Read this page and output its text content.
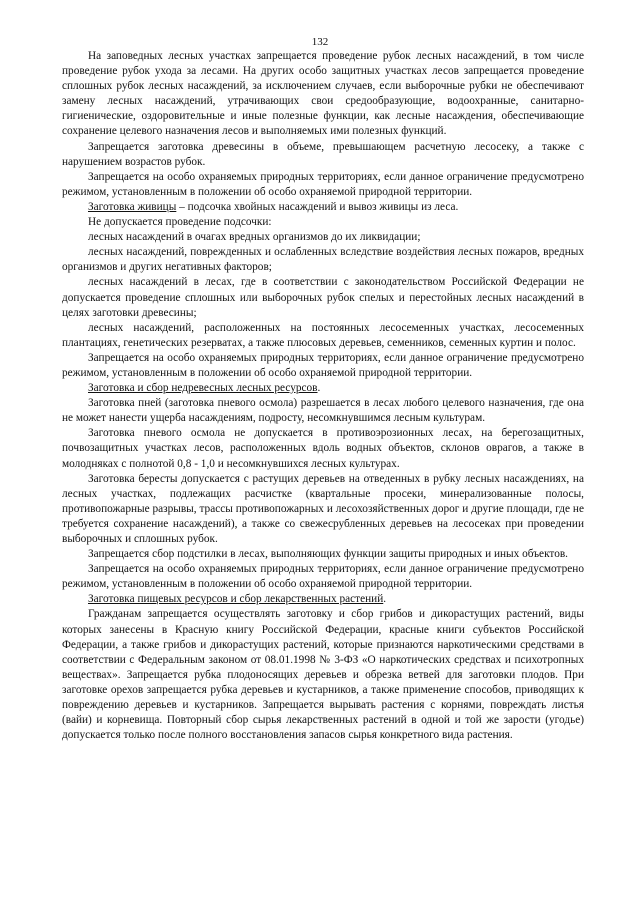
132

На заповедных лесных участках запрещается проведение рубок лесных насаждений, в том числе проведение рубок ухода за лесами. На других особо защитных участках лесов запрещается проведение сплошных рубок лесных насаждений, за исключением случаев, если выборочные рубки не обеспечивают замену лесных насаждений, утрачивающих свои средообразующие, водоохранные, санитарно-гигиенические, оздоровительные и иные полезные функции, как лесные насаждения, обеспечивающие сохранение целевого назначения лесов и выполняемых ими полезных функций.

Запрещается заготовка древесины в объеме, превышающем расчетную лесосеку, а также с нарушением возрастов рубок.

Запрещается на особо охраняемых природных территориях, если данное ограничение предусмотрено режимом, установленным в положении об особо охраняемой природной территории.

Заготовка живицы – подсочка хвойных насаждений и вывоз живицы из леса.

Не допускается проведение подсочки:

лесных насаждений в очагах вредных организмов до их ликвидации;

лесных насаждений, поврежденных и ослабленных вследствие воздействия лесных пожаров, вредных организмов и других негативных факторов;

лесных насаждений в лесах, где в соответствии с законодательством Российской Федерации не допускается проведение сплошных или выборочных рубок спелых и перестойных лесных насаждений в целях заготовки древесины;

лесных насаждений, расположенных на постоянных лесосеменных участках, лесосеменных плантациях, генетических резерватах, а также плюсовых деревьев, семенников, семенных куртин и полос.

Запрещается на особо охраняемых природных территориях, если данное ограничение предусмотрено режимом, установленным в положении об особо охраняемой природной территории.

Заготовка и сбор недревесных лесных ресурсов.

Заготовка пней (заготовка пневого осмола) разрешается в лесах любого целевого назначения, где она не может нанести ущерба насаждениям, подросту, несомкнувшимся лесным культурам.

Заготовка пневого осмола не допускается в противоэрозионных лесах, на берегозащитных, почвозащитных участках лесов, расположенных вдоль водных объектов, склонов оврагов, а также в молодняках с полнотой 0,8 - 1,0 и несомкнувшихся лесных культурах.

Заготовка бересты допускается с растущих деревьев на отведенных в рубку лесных насаждениях, на лесных участках, подлежащих расчистке (квартальные просеки, минерализованные полосы, противопожарные разрывы, трассы противопожарных и лесохозяйственных дорог и другие площади, где не требуется сохранение насаждений), а также со свежесрубленных деревьев на лесосеках при проведении выборочных и сплошных рубок.

Запрещается сбор подстилки в лесах, выполняющих функции защиты природных и иных объектов.

Запрещается на особо охраняемых природных территориях, если данное ограничение предусмотрено режимом, установленным в положении об особо охраняемой природной территории.

Заготовка пищевых ресурсов и сбор лекарственных растений.

Гражданам запрещается осуществлять заготовку и сбор грибов и дикорастущих растений, виды которых занесены в Красную книгу Российской Федерации, красные книги субъектов Российской Федерации, а также грибов и дикорастущих растений, которые признаются наркотическими средствами в соответствии с Федеральным законом от 08.01.1998 № 3-ФЗ «О наркотических средствах и психотропных веществах». Запрещается рубка плодоносящих деревьев и обрезка ветвей для заготовки плодов. При заготовке орехов запрещается рубка деревьев и кустарников, а также применение способов, приводящих к повреждению деревьев и кустарников. Запрещается вырывать растения с корнями, повреждать листья (вайи) и корневища. Повторный сбор сырья лекарственных растений в одной и той же зарости (угодье) допускается только после полного восстановления запасов сырья конкретного вида растения.
